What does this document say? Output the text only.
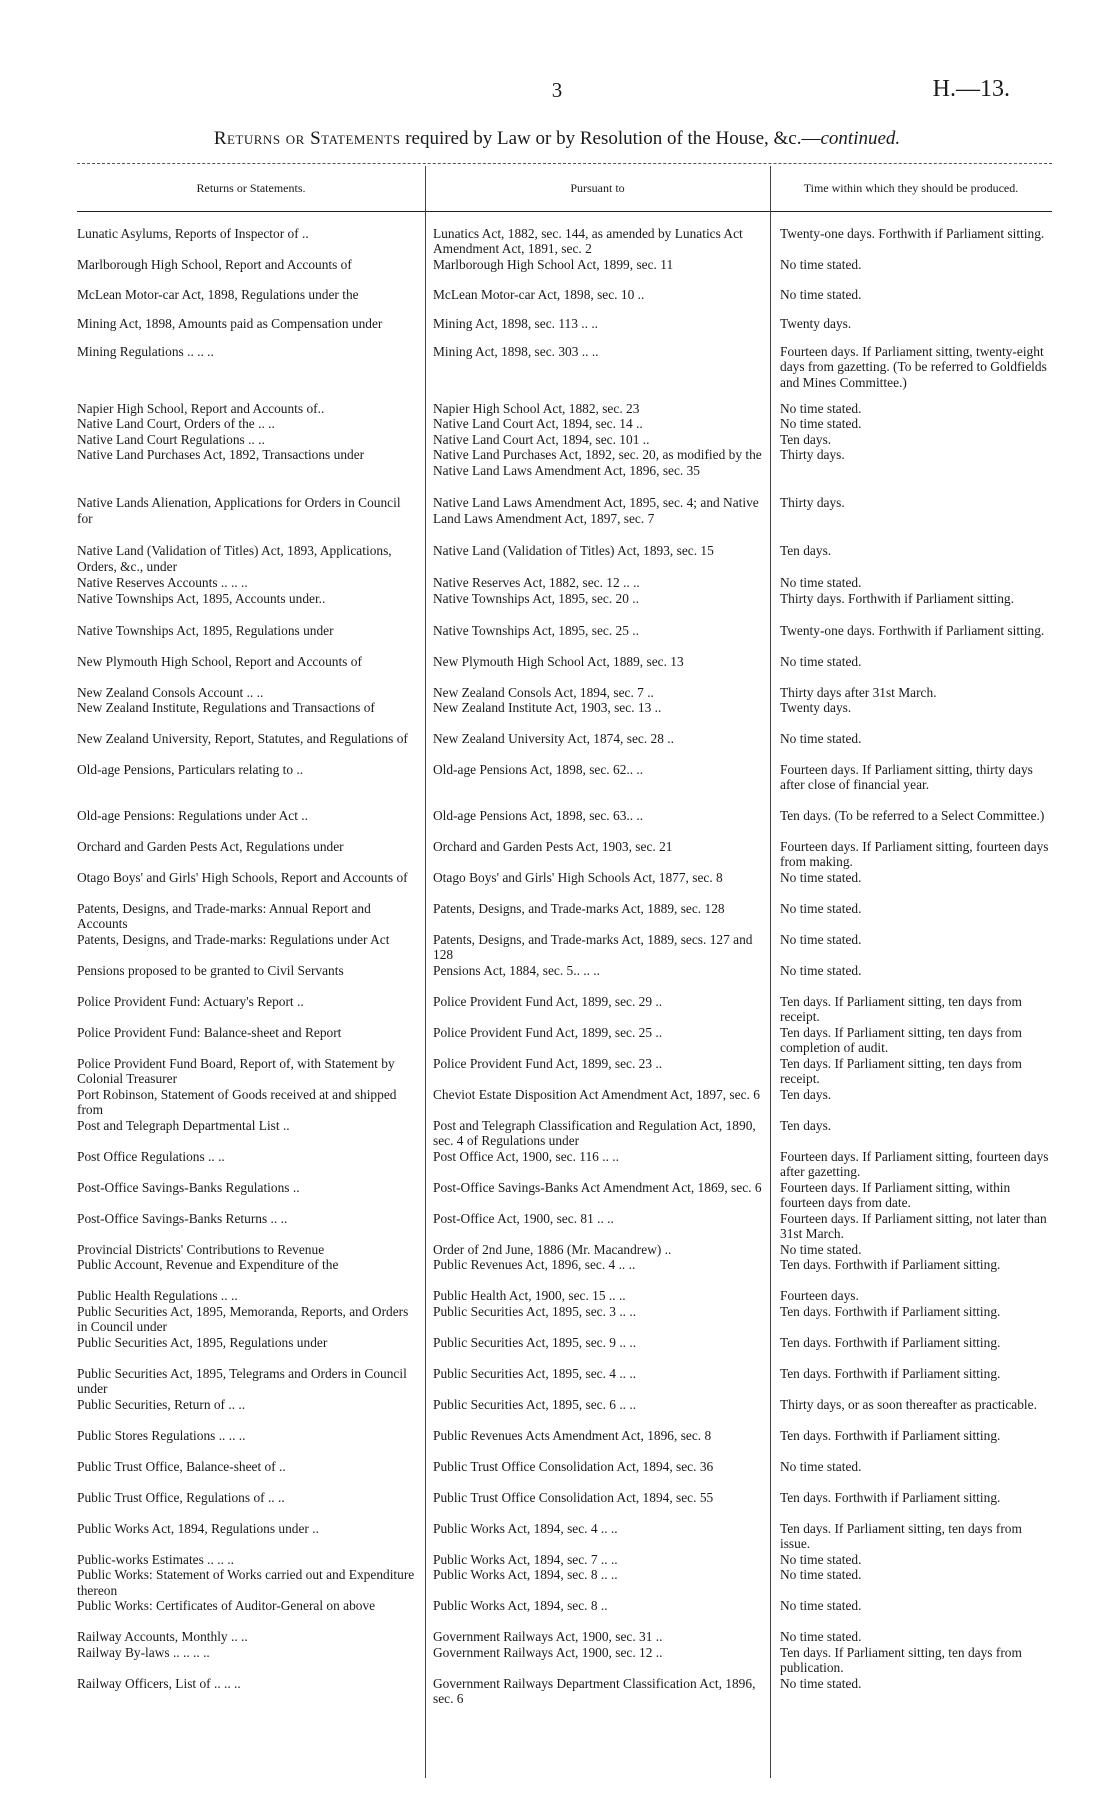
3	H.—13.
Returns or Statements required by Law or by Resolution of the House, &c.—continued.
Returns or Statements.	Pursuant to	Time within which they should be produced.
Lunatic Asylums, Reports of Inspector of ..	Lunatics Act, 1882, sec. 144, as amended by Lunatics Act Amendment Act, 1891, sec. 2	Twenty-one days. Forthwith if Parliament sitting.
Marlborough High School, Report and Accounts of	Marlborough High School Act, 1899, sec. 11	No time stated.
McLean Motor-car Act, 1898, Regulations under the	McLean Motor-car Act, 1898, sec. 10 ..	No time stated.
Mining Act, 1898, Amounts paid as Compensation under	Mining Act, 1898, sec. 113 .. ..	Twenty days.
Mining Regulations .. .. ..	Mining Act, 1898, sec. 303 .. ..	Fourteen days. If Parliament sitting, twenty-eight days from gazetting. (To be referred to Goldfields and Mines Committee.)
Napier High School, Report and Accounts of..	Napier High School Act, 1882, sec. 23	No time stated.
Native Land Court, Orders of the .. ..	Native Land Court Act, 1894, sec. 14 ..	No time stated.
Native Land Court Regulations .. ..	Native Land Court Act, 1894, sec. 101 ..	Ten days.
Native Land Purchases Act, 1892, Transactions under	Native Land Purchases Act, 1892, sec. 20, as modified by the Native Land Laws Amendment Act, 1896, sec. 35	Thirty days.
Native Lands Alienation, Applications for Orders in Council for	Native Land Laws Amendment Act, 1895, sec. 4; and Native Land Laws Amendment Act, 1897, sec. 7	Thirty days.
Native Land (Validation of Titles) Act, 1893, Applications, Orders, &c., under	Native Land (Validation of Titles) Act, 1893, sec. 15	Ten days.
Native Reserves Accounts .. .. ..	Native Reserves Act, 1882, sec. 12 .. ..	No time stated.
Native Townships Act, 1895, Accounts under..	Native Townships Act, 1895, sec. 20 ..	Thirty days. Forthwith if Parliament sitting.
Native Townships Act, 1895, Regulations under	Native Townships Act, 1895, sec. 25 ..	Twenty-one days. Forthwith if Parliament sitting.
New Plymouth High School, Report and Accounts of	New Plymouth High School Act, 1889, sec. 13	No time stated.
New Zealand Consols Account .. ..	New Zealand Consols Act, 1894, sec. 7 ..	Thirty days after 31st March.
New Zealand Institute, Regulations and Transactions of	New Zealand Institute Act, 1903, sec. 13 ..	Twenty days.
New Zealand University, Report, Statutes, and Regulations of	New Zealand University Act, 1874, sec. 28 ..	No time stated.
Old-age Pensions, Particulars relating to ..	Old-age Pensions Act, 1898, sec. 62.. ..	Fourteen days. If Parliament sitting, thirty days after close of financial year.
Old-age Pensions: Regulations under Act ..	Old-age Pensions Act, 1898, sec. 63.. ..	Ten days. (To be referred to a Select Committee.)
Orchard and Garden Pests Act, Regulations under	Orchard and Garden Pests Act, 1903, sec. 21	Fourteen days. If Parliament sitting, fourteen days from making.
Otago Boys' and Girls' High Schools, Report and Accounts of	Otago Boys' and Girls' High Schools Act, 1877, sec. 8	No time stated.
Patents, Designs, and Trade-marks: Annual Report and Accounts	Patents, Designs, and Trade-marks Act, 1889, sec. 128	No time stated.
Patents, Designs, and Trade-marks: Regulations under Act	Patents, Designs, and Trade-marks Act, 1889, secs. 127 and 128	No time stated.
Pensions proposed to be granted to Civil Servants	Pensions Act, 1884, sec. 5.. .. ..	No time stated.
Police Provident Fund: Actuary's Report ..	Police Provident Fund Act, 1899, sec. 29 ..	Ten days. If Parliament sitting, ten days from receipt.
Police Provident Fund: Balance-sheet and Report	Police Provident Fund Act, 1899, sec. 25 ..	Ten days. If Parliament sitting, ten days from completion of audit.
Police Provident Fund Board, Report of, with Statement by Colonial Treasurer	Police Provident Fund Act, 1899, sec. 23 ..	Ten days. If Parliament sitting, ten days from receipt.
Port Robinson, Statement of Goods received at and shipped from	Cheviot Estate Disposition Act Amendment Act, 1897, sec. 6	Ten days.
Post and Telegraph Departmental List ..	Post and Telegraph Classification and Regulation Act, 1890, sec. 4 of Regulations under	Ten days.
Post Office Regulations .. ..	Post Office Act, 1900, sec. 116 .. ..	Fourteen days. If Parliament sitting, fourteen days after gazetting.
Post-Office Savings-Banks Regulations ..	Post-Office Savings-Banks Act Amendment Act, 1869, sec. 6	Fourteen days. If Parliament sitting, within fourteen days from date.
Post-Office Savings-Banks Returns .. ..	Post-Office Act, 1900, sec. 81 .. ..	Fourteen days. If Parliament sitting, not later than 31st March.
Provincial Districts' Contributions to Revenue	Order of 2nd June, 1886 (Mr. Macandrew) ..	No time stated.
Public Account, Revenue and Expenditure of the	Public Revenues Act, 1896, sec. 4 .. ..	Ten days. Forthwith if Parliament sitting.
Public Health Regulations .. ..	Public Health Act, 1900, sec. 15 .. ..	Fourteen days.
Public Securities Act, 1895, Memoranda, Reports, and Orders in Council under	Public Securities Act, 1895, sec. 3 .. ..	Ten days. Forthwith if Parliament sitting.
Public Securities Act, 1895, Regulations under	Public Securities Act, 1895, sec. 9 .. ..	Ten days. Forthwith if Parliament sitting.
Public Securities Act, 1895, Telegrams and Orders in Council under	Public Securities Act, 1895, sec. 4 .. ..	Ten days. Forthwith if Parliament sitting.
Public Securities, Return of .. ..	Public Securities Act, 1895, sec. 6 .. ..	Thirty days, or as soon thereafter as practicable.
Public Stores Regulations .. .. ..	Public Revenues Acts Amendment Act, 1896, sec. 8	Ten days. Forthwith if Parliament sitting.
Public Trust Office, Balance-sheet of ..	Public Trust Office Consolidation Act, 1894, sec. 36	No time stated.
Public Trust Office, Regulations of .. ..	Public Trust Office Consolidation Act, 1894, sec. 55	Ten days. Forthwith if Parliament sitting.
Public Works Act, 1894, Regulations under ..	Public Works Act, 1894, sec. 4 .. ..	Ten days. If Parliament sitting, ten days from issue.
Public-works Estimates .. .. ..	Public Works Act, 1894, sec. 7 .. ..	No time stated.
Public Works: Statement of Works carried out and Expenditure thereon	Public Works Act, 1894, sec. 8 .. ..	No time stated.
Public Works: Certificates of Auditor-General on above	Public Works Act, 1894, sec. 8 ..	No time stated.
Railway Accounts, Monthly .. ..	Government Railways Act, 1900, sec. 31 ..	No time stated.
Railway By-laws .. .. .. ..	Government Railways Act, 1900, sec. 12 ..	Ten days. If Parliament sitting, ten days from publication.
Railway Officers, List of .. .. ..	Government Railways Department Classification Act, 1896, sec. 6	No time stated.
